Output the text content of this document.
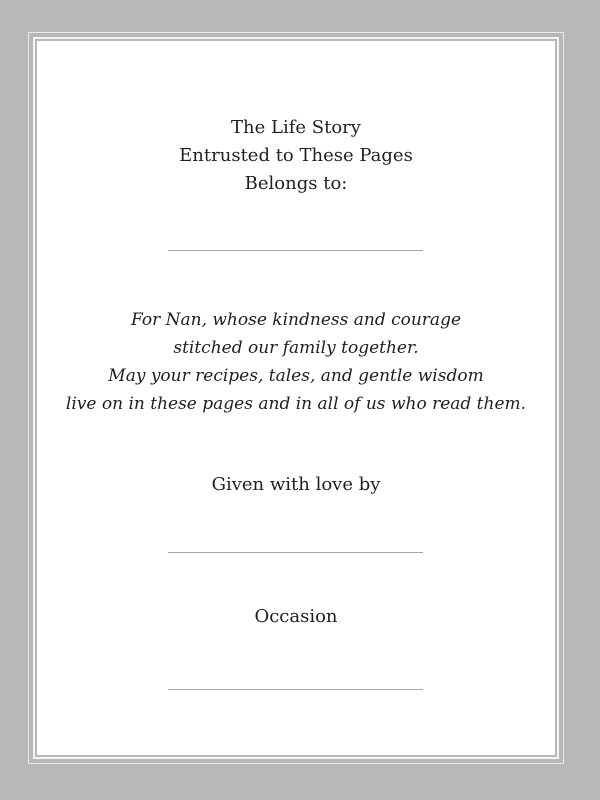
The Life Story
Entrusted to These Pages
Belongs to:
For Nan, whose kindness and courage
stitched our family together.
May your recipes, tales, and gentle wisdom
live on in these pages and in all of us who read them.
Given with love by
Occasion
